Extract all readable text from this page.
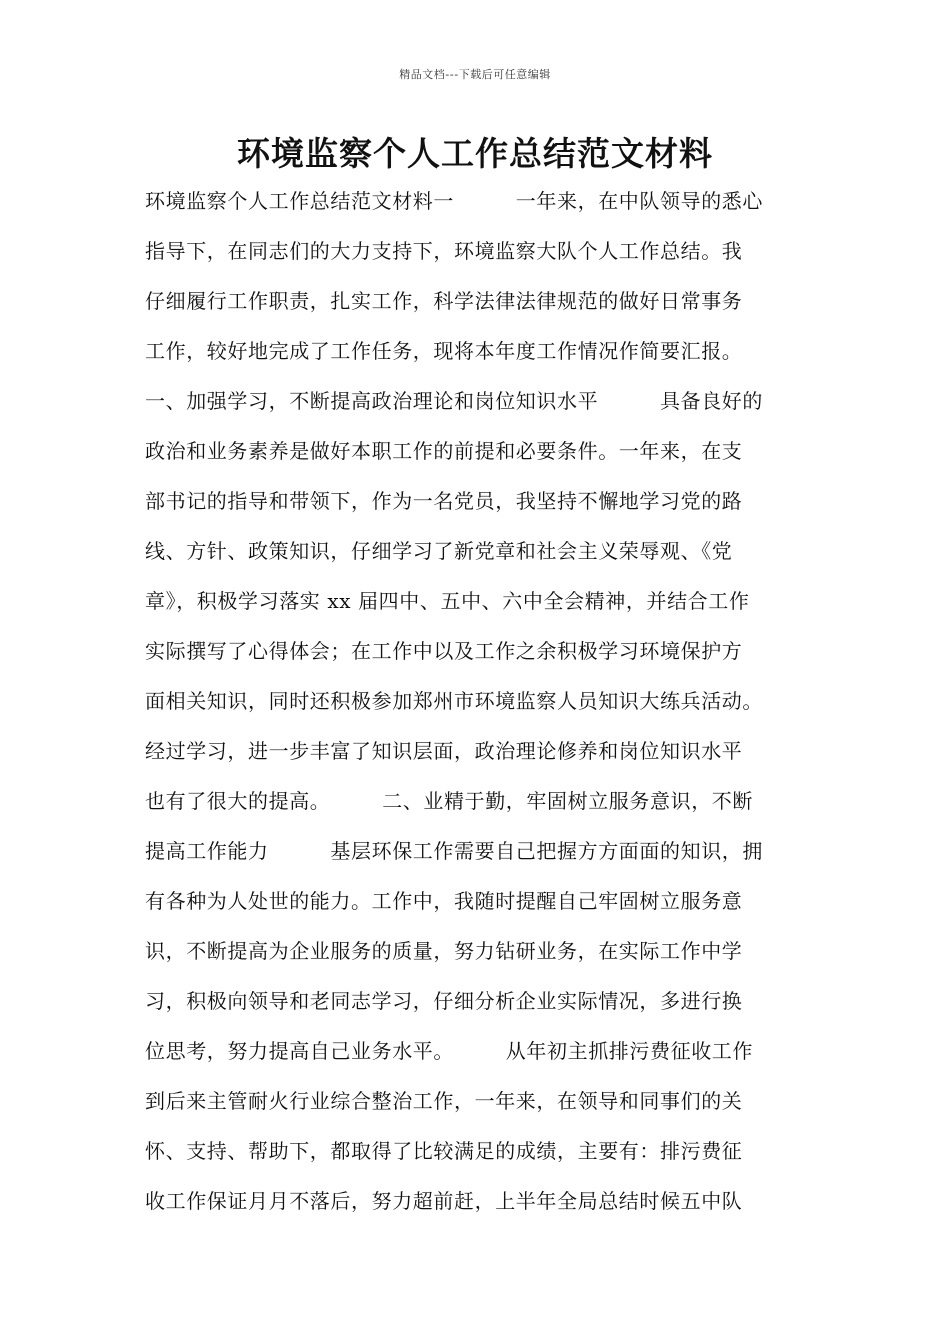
精品文档---下载后可任意编辑
环境监察个人工作总结范文材料
环境监察个人工作总结范文材料一　　　一年来，在中队领导的悉心
指导下，在同志们的大力支持下，环境监察大队个人工作总结。我
仔细履行工作职责，扎实工作，科学法律法律规范的做好日常事务
工作，较好地完成了工作任务，现将本年度工作情况作简要汇报。
一、加强学习，不断提高政治理论和岗位知识水平　　　具备良好的
政治和业务素养是做好本职工作的前提和必要条件。一年来，在支
部书记的指导和带领下，作为一名党员，我坚持不懈地学习党的路
线、方针、政策知识，仔细学习了新党章和社会主义荣辱观、《党
章》，积极学习落实 xx 届四中、五中、六中全会精神，并结合工作
实际撰写了心得体会；在工作中以及工作之余积极学习环境保护方
面相关知识，同时还积极参加郑州市环境监察人员知识大练兵活动。
经过学习，进一步丰富了知识层面，政治理论修养和岗位知识水平
也有了很大的提高。　　　二、业精于勤，牢固树立服务意识，不断
提高工作能力　　　基层环保工作需要自己把握方方面面的知识，拥
有各种为人处世的能力。工作中，我随时提醒自己牢固树立服务意
识，不断提高为企业服务的质量，努力钻研业务，在实际工作中学
习，积极向领导和老同志学习，仔细分析企业实际情况，多进行换
位思考，努力提高自己业务水平。　　　从年初主抓排污费征收工作
到后来主管耐火行业综合整治工作，一年来，在领导和同事们的关
怀、支持、帮助下，都取得了比较满足的成绩，主要有：排污费征
收工作保证月月不落后，努力超前赶，上半年全局总结时候五中队
